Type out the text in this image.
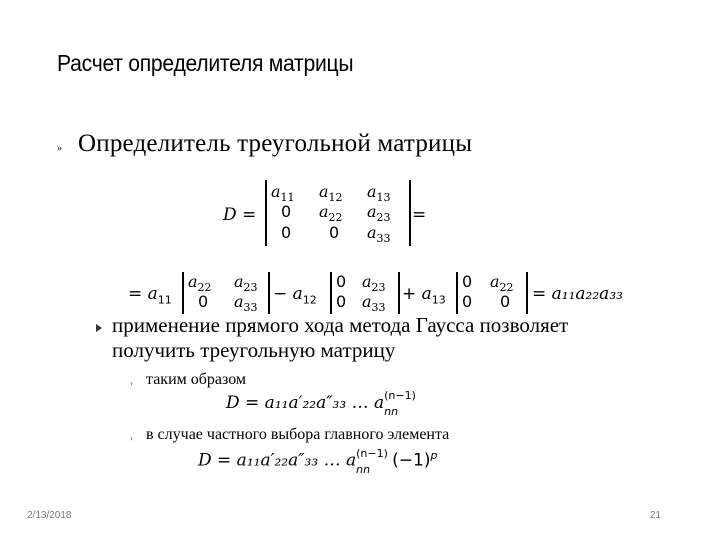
Расчет определителя матрицы
» Определитель треугольной матрицы
D =
$a_{11}$ $a_{12}$ $a_{13}$
0 $a_{22}$ $a_{23}$
0 0 $a_{33}$
=
= $a_{11}$
$a_{22}$ $a_{23}$
0 $a_{33}$
− $a_{12}$
0 $a_{23}$
0 $a_{33}$
+ $a_{13}$
0 $a_{22}$
0 0 = a₁₁a₂₂a₃₃
применение прямого хода метода Гаусса позволяет
получить треугольную матрицу
› таким образом
D = a₁₁a′₂₂a″₃₃ … a (n−1)
nn
› в случае частного выбора главного элемента
D = a₁₁a′₂₂a″₃₃ … a (n−1)
nn $(-1)^p$
2/13/2018	21
